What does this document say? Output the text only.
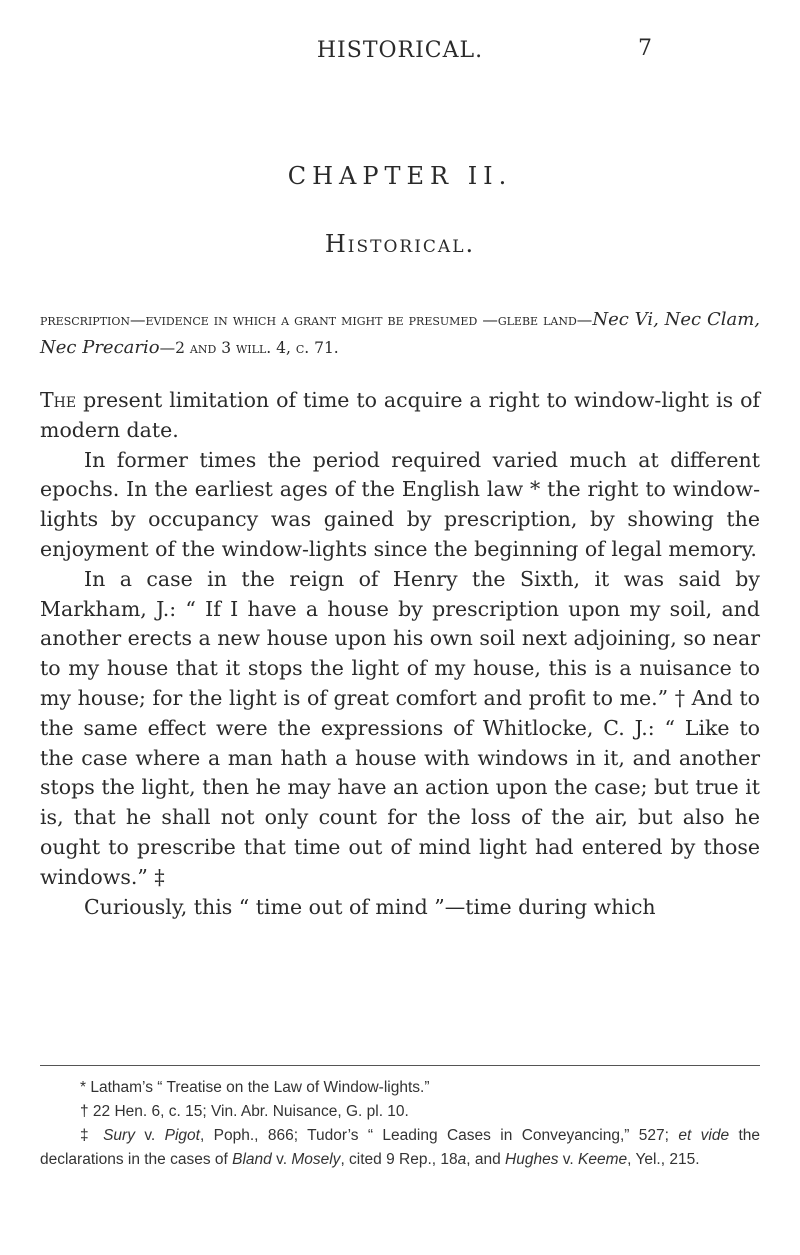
HISTORICAL.	7
CHAPTER II.
Historical.
prescription—evidence in which a grant might be presumed —glebe land—Nec Vi, Nec Clam, Nec Precario—2 and 3 will. 4, c. 71.

The present limitation of time to acquire a right to window-light is of modern date.

In former times the period required varied much at different epochs. In the earliest ages of the English law * the right to window-lights by occupancy was gained by prescription, by showing the enjoyment of the window-lights since the beginning of legal memory.

In a case in the reign of Henry the Sixth, it was said by Markham, J.: “ If I have a house by prescription upon my soil, and another erects a new house upon his own soil next adjoining, so near to my house that it stops the light of my house, this is a nuisance to my house; for the light is of great comfort and profit to me.” † And to the same effect were the expressions of Whitlocke, C. J.: “ Like to the case where a man hath a house with windows in it, and another stops the light, then he may have an action upon the case; but true it is, that he shall not only count for the loss of the air, but also he ought to prescribe that time out of mind light had entered by those windows.” ‡

Curiously, this “ time out of mind ”—time during which

* Latham’s “ Treatise on the Law of Window-lights.”

† 22 Hen. 6, c. 15; Vin. Abr. Nuisance, G. pl. 10.

‡ Sury v. Pigot, Poph., 866; Tudor’s “ Leading Cases in Conveyancing,” 527; et vide the declarations in the cases of Bland v. Mosely, cited 9 Rep., 18a, and Hughes v. Keeme, Yel., 215.
